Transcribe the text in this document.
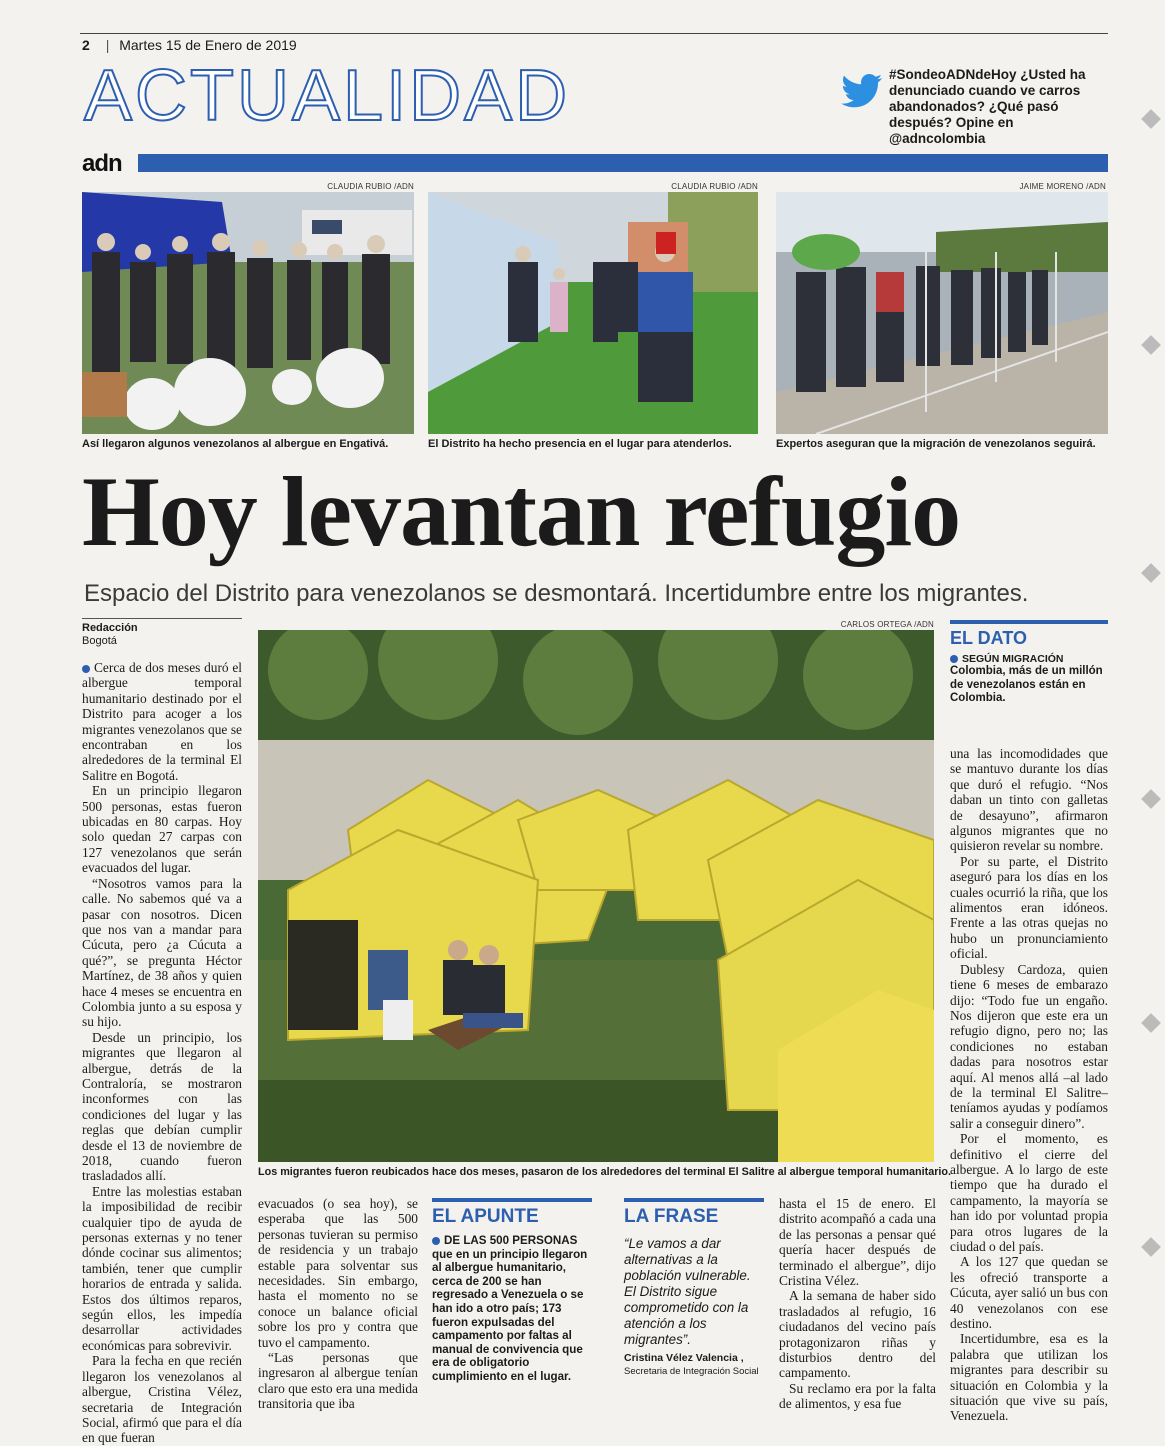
2 | Martes 15 de Enero de 2019
ACTUALIDAD	#SondeoADNdeHoy ¿Usted ha denunciado cuando ve carros abandonados? ¿Qué pasó después? Opine en @adncolombia
adn
CLAUDIA RUBIO /ADN	CLAUDIA RUBIO /ADN	JAIME MORENO /ADN
Así llegaron algunos venezolanos al albergue en Engativá.	El Distrito ha hecho presencia en el lugar para atenderlos.	Expertos aseguran que la migración de venezolanos seguirá.
Hoy levantan refugio
Espacio del Distrito para venezolanos se desmontará. Incertidumbre entre los migrantes.
Redacción
Bogotá
CARLOS ORTEGA /ADN
Los migrantes fueron reubicados hace dos meses, pasaron de los alrededores del terminal El Salitre al albergue temporal humanitario.

Cerca de dos meses duró el albergue temporal humanitario destinado por el Distrito para acoger a los migrantes venezolanos que se encontraban en los alrededores de la terminal El Salitre en Bogotá.

En un principio llegaron 500 personas, estas fueron ubicadas en 80 carpas. Hoy solo quedan 27 carpas con 127 venezolanos que serán evacuados del lugar.

“Nosotros vamos para la calle. No sabemos qué va a pasar con nosotros. Dicen que nos van a mandar para Cúcuta, pero ¿a Cúcuta a qué?”, se pregunta Héctor Martínez, de 38 años y quien hace 4 meses se encuentra en Colombia junto a su esposa y su hijo.

Desde un principio, los migrantes que llegaron al albergue, detrás de la Contraloría, se mostraron inconformes con las condiciones del lugar y las reglas que debían cumplir desde el 13 de noviembre de 2018, cuando fueron trasladados allí.

Entre las molestias estaban la imposibilidad de recibir cualquier tipo de ayuda de personas externas y no tener dónde cocinar sus alimentos; también, tener que cumplir horarios de entrada y salida. Estos dos últimos reparos, según ellos, les impedía desarrollar actividades económicas para sobrevivir.

Para la fecha en que recién llegaron los venezolanos al albergue, Cristina Vélez, secretaria de Integración Social, afirmó que para el día en que fueran

evacuados (o sea hoy), se esperaba que las 500 personas tuvieran su permiso de residencia y un trabajo estable para solventar sus necesidades. Sin embargo, hasta el momento no se conoce un balance oficial sobre los pro y contra que tuvo el campamento.

“Las personas que ingresaron al albergue tenían claro que esto era una medida transitoria que iba

EL APUNTE
DE LAS 500 PERSONAS que en un principio llegaron al albergue humanitario, cerca de 200 se han regresado a Venezuela o se han ido a otro país; 173 fueron expulsadas del campamento por faltas al manual de convivencia que era de obligatorio cumplimiento en el lugar.
LA FRASE
“Le vamos a dar alternativas a la población vulnerable. El Distrito sigue comprometido con la atención a los migrantes”.
Cristina Vélez Valencia ,
Secretaria de Integración Social

hasta el 15 de enero. El distrito acompañó a cada una de las personas a pensar qué quería hacer después de terminado el albergue”, dijo Cristina Vélez.

A la semana de haber sido trasladados al refugio, 16 ciudadanos del vecino país protagonizaron riñas y disturbios dentro del campamento.

Su reclamo era por la falta de alimentos, y esa fue

EL DATO
SEGÚN MIGRACIÓN
Colombia, más de un millón de venezolanos están en Colombia.

una las incomodidades que se mantuvo durante los días que duró el refugio. “Nos daban un tinto con galletas de desayuno”, afirmaron algunos migrantes que no quisieron revelar su nombre.

Por su parte, el Distrito aseguró para los días en los cuales ocurrió la riña, que los alimentos eran idóneos. Frente a las otras quejas no hubo un pronunciamiento oficial.

Dublesy Cardoza, quien tiene 6 meses de embarazo dijo: “Todo fue un engaño. Nos dijeron que este era un refugio digno, pero no; las condiciones no estaban dadas para nosotros estar aquí. Al menos allá –al lado de la terminal El Salitre– teníamos ayudas y podíamos salir a conseguir dinero”.

Por el momento, es definitivo el cierre del albergue. A lo largo de este tiempo que ha durado el campamento, la mayoría se han ido por voluntad propia para otros lugares de la ciudad o del país.

A los 127 que quedan se les ofreció transporte a Cúcuta, ayer salió un bus con 40 venezolanos con ese destino.

Incertidumbre, esa es la palabra que utilizan los migrantes para describir su situación en Colombia y la situación que vive su país, Venezuela.
